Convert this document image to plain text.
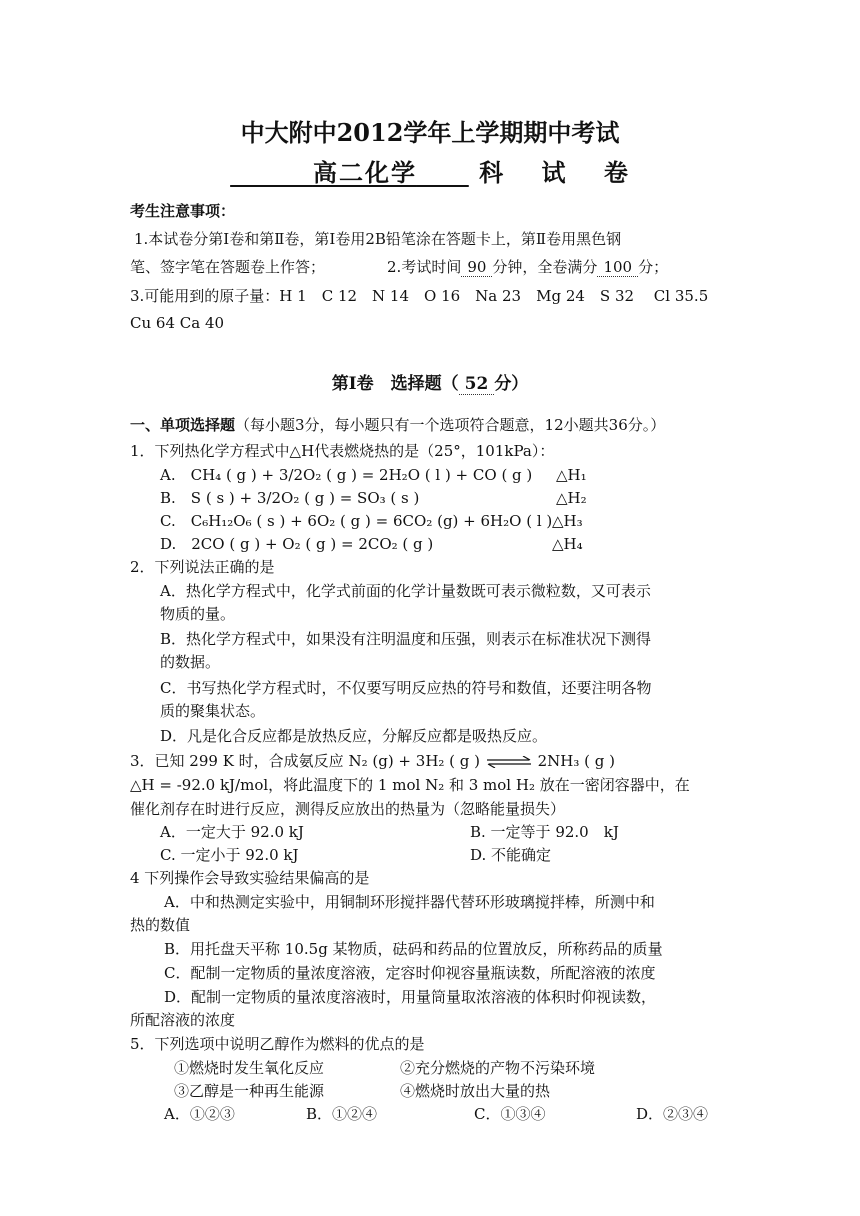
中大附中2012学年上学期期中考试
高二化学	科　 试　 卷
考生注意事项：
1.本试卷分第Ⅰ卷和第Ⅱ卷，第Ⅰ卷用2B铅笔涂在答题卡上，第Ⅱ卷用黑色钢
笔、签字笔在答题卷上作答；	2.考试时间 90 分钟，全卷满分 100 分；
3.可能用到的原子量：H 1　C 12　N 14　O 16　Na 23　Mg 24　S 32　 Cl 35.5
Cu 64 Ca 40
第Ⅰ卷　选择题（ 52 分）
一、单项选择题（每小题3分，每小题只有一个选项符合题意，12小题共36分。）
1．下列热化学方程式中△H代表燃烧热的是（25°，101kPa）：
A.　CH₄ ( g ) + 3/2O₂ ( g ) = 2H₂O ( l ) + CO ( g ) △H₁
B.　S ( s ) + 3/2O₂ ( g ) = SO₃ ( s )	△H₂
C.　C₆H₁₂O₆ ( s ) + 6O₂ ( g ) = 6CO₂ (g) + 6H₂O ( l ) △H₃
D.　2CO ( g ) + O₂ ( g ) = 2CO₂ ( g )	△H₄
2．下列说法正确的是
A．热化学方程式中，化学式前面的化学计量数既可表示微粒数，又可表示
物质的量。
B．热化学方程式中，如果没有注明温度和压强，则表示在标准状况下测得
的数据。
C．书写热化学方程式时，不仅要写明反应热的符号和数值，还要注明各物
质的聚集状态。
D．凡是化合反应都是放热反应，分解反应都是吸热反应。
3．已知 299 K 时，合成氨反应 N₂ (g) + 3H₂ ( g ) ⇌ 2NH₃ ( g )
△H = -92.0 kJ/mol，将此温度下的 1 mol N₂ 和 3 mol H₂ 放在一密闭容器中，在
催化剂存在时进行反应，测得反应放出的热量为（忽略能量损失）
A．一定大于 92.0 kJ	B. 一定等于 92.0　kJ
C. 一定小于 92.0 kJ	D. 不能确定
4 下列操作会导致实验结果偏高的是
A．中和热测定实验中，用铜制环形搅拌器代替环形玻璃搅拌棒，所测中和
热的数值
B．用托盘天平称 10.5g 某物质，砝码和药品的位置放反，所称药品的质量
C．配制一定物质的量浓度溶液，定容时仰视容量瓶读数，所配溶液的浓度
D．配制一定物质的量浓度溶液时，用量筒量取浓溶液的体积时仰视读数，
所配溶液的浓度
5．下列选项中说明乙醇作为燃料的优点的是
①燃烧时发生氧化反应	②充分燃烧的产物不污染环境
③乙醇是一种再生能源	④燃烧时放出大量的热
A．①②③	B．①②④	C．①③④	D．②③④
